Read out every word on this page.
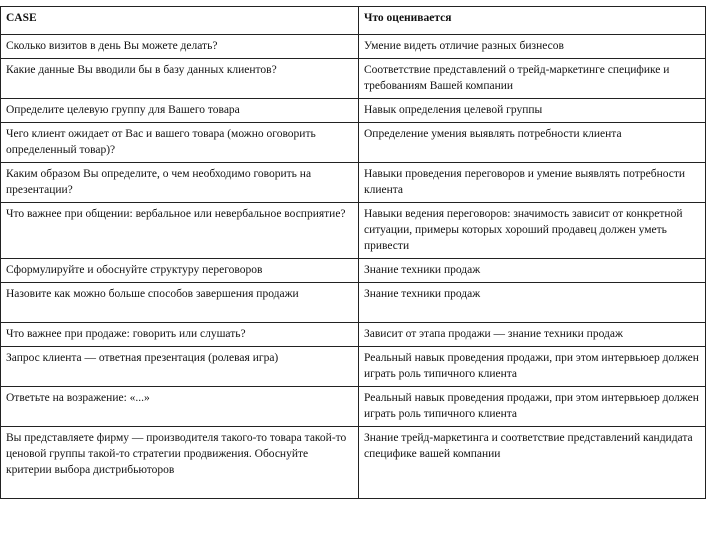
CASE	Что оценивается
Сколько визитов в день Вы можете делать?	Умение видеть отличие разных бизнесов
Какие данные Вы вводили бы в базу данных клиентов?	Соответствие представлений о трейд-маркетинге специфике и требованиям Вашей компании
Определите целевую группу для Вашего товара	Навык определения целевой группы
Чего клиент ожидает от Вас и вашего товара (можно оговорить определенный товар)?	Определение умения выявлять потребности клиента
Каким образом Вы определите, о чем необходимо говорить на презентации?	Навыки проведения переговоров и умение выявлять потребности клиента
Что важнее при общении: вербальное или невербальное восприятие?	Навыки ведения переговоров: значимость зависит от конкретной ситуации, примеры которых хороший продавец должен уметь привести
Сформулируйте и обоснуйте структуру переговоров	Знание техники продаж
Назовите как можно больше способов завершения продажи	Знание техники продаж
Что важнее при продаже: говорить или слушать?	Зависит от этапа продажи — знание техники продаж
Запрос клиента — ответная презентация (ролевая игра)	Реальный навык проведения продажи, при этом интервьюер должен играть роль типичного клиента
Ответьте на возражение: «...»	Реальный навык проведения продажи, при этом интервьюер должен играть роль типичного клиента
Вы представляете фирму — производителя такого-то товара такой-то ценовой группы такой-то стратегии продвижения. Обоснуйте критерии выбора дистрибьюторов	Знание трейд-маркетинга и соответствие представлений кандидата специфике вашей компании
